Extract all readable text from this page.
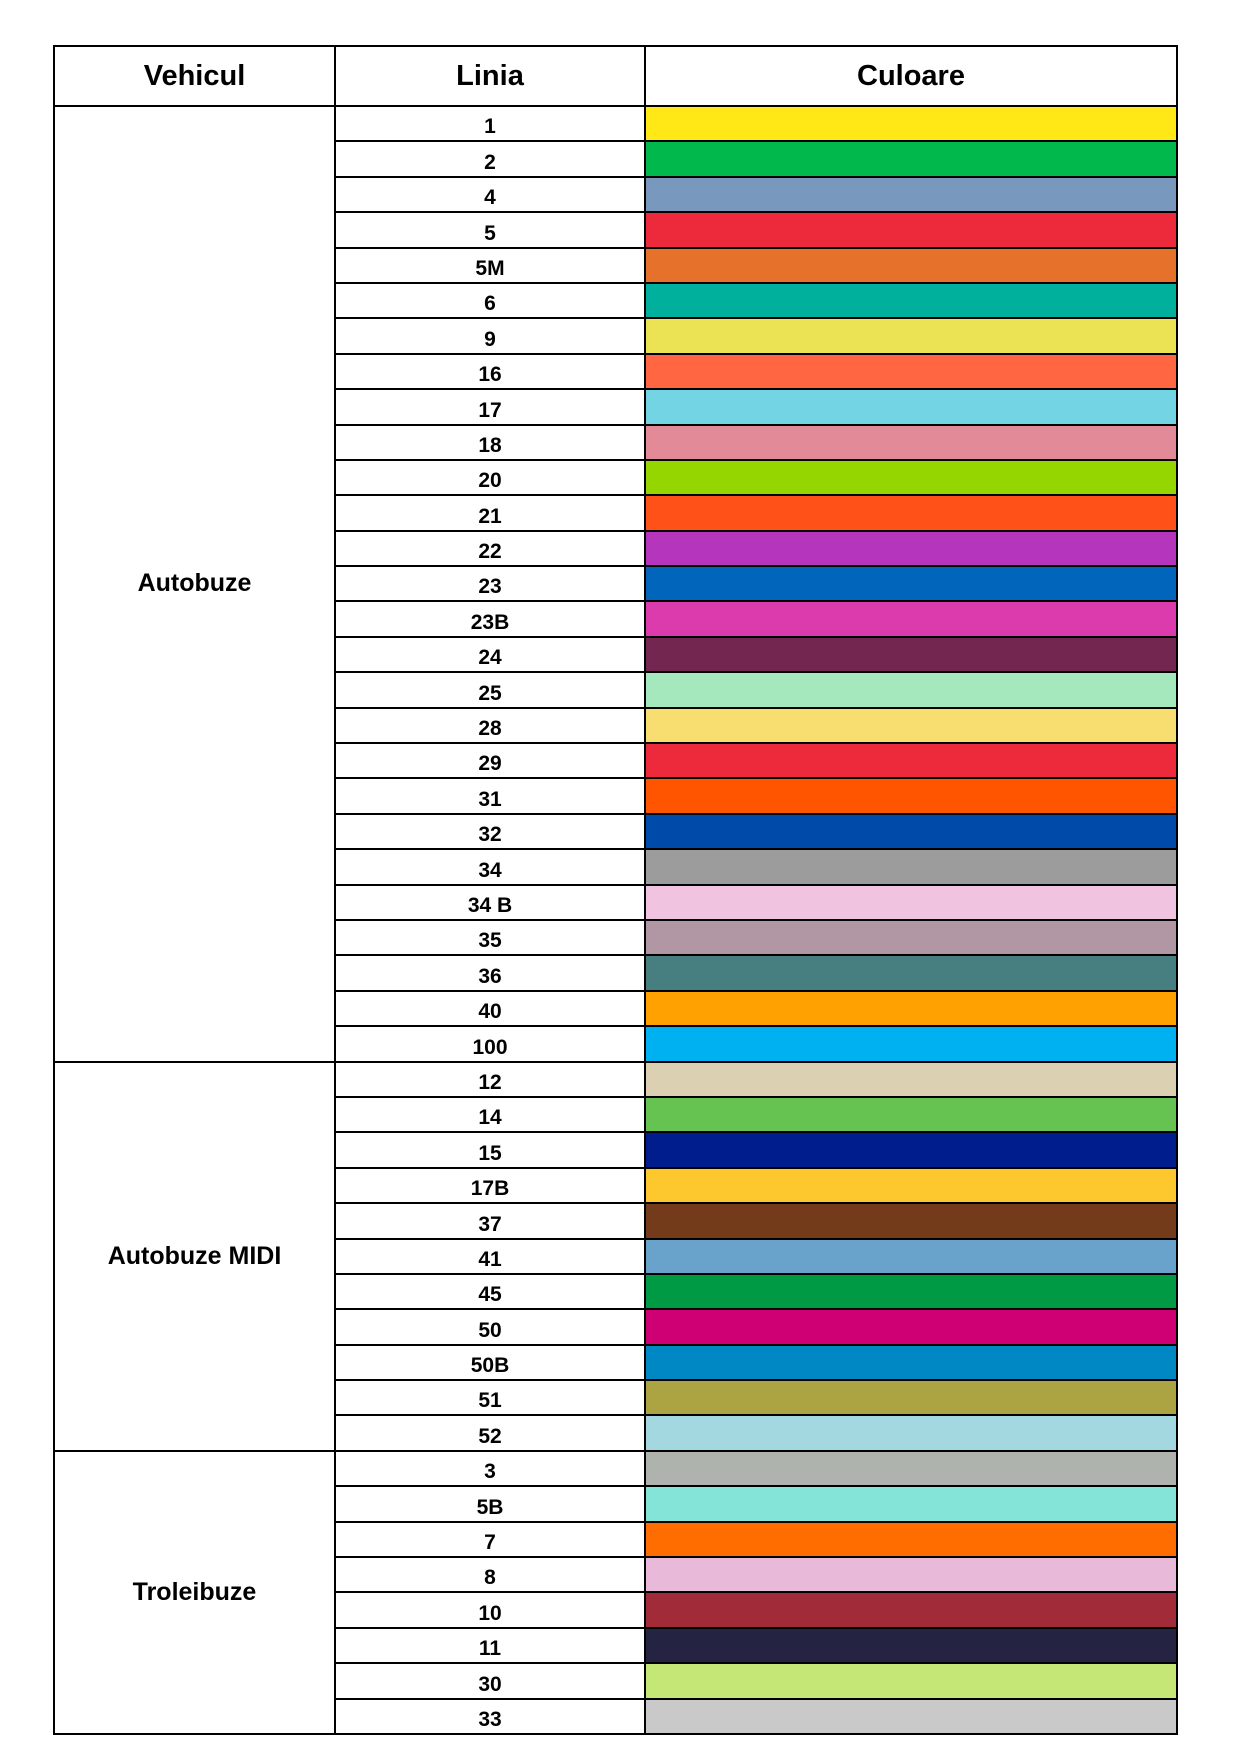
Vehicul	Linia	Culoare
Autobuze	1	
	2	
	4	
	5	
	5M	
	6	
	9	
	16	
	17	
	18	
	20	
	21	
	22	
	23	
	23B	
	24	
	25	
	28	
	29	
	31	
	32	
	34	
	34 B	
	35	
	36	
	40	
	100	
Autobuze MIDI	12	
	14	
	15	
	17B	
	37	
	41	
	45	
	50	
	50B	
	51	
	52	
Troleibuze	3	
	5B	
	7	
	8	
	10	
	11	
	30	
	33	
